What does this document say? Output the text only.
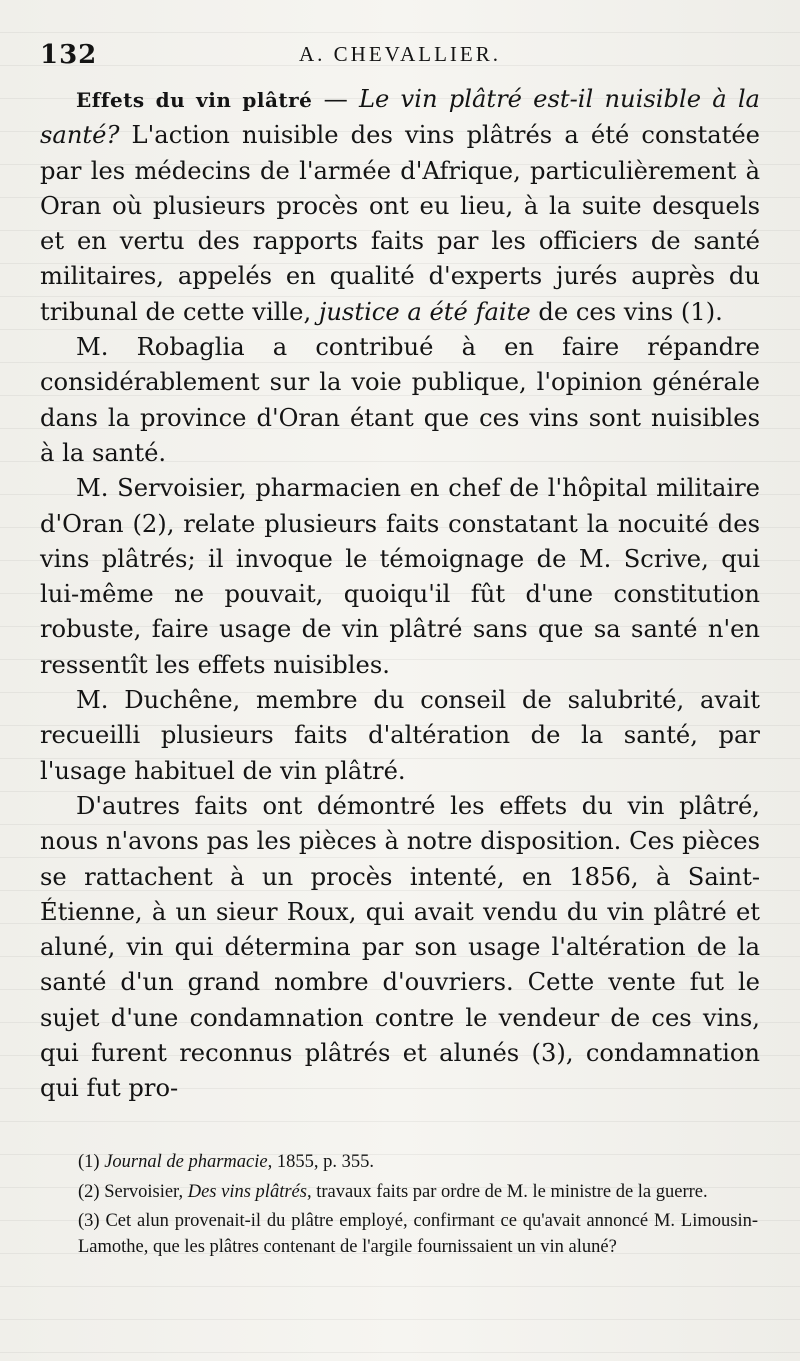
132	A. CHEVALLIER.

Effets du vin plâtré — Le vin plâtré est-il nuisible à la santé? L'action nuisible des vins plâtrés a été constatée par les médecins de l'armée d'Afrique, particulièrement à Oran où plusieurs procès ont eu lieu, à la suite desquels et en vertu des rapports faits par les officiers de santé militaires, appelés en qualité d'experts jurés auprès du tribunal de cette ville, justice a été faite de ces vins (1).

M. Robaglia a contribué à en faire répandre considérablement sur la voie publique, l'opinion générale dans la province d'Oran étant que ces vins sont nuisibles à la santé.

M. Servoisier, pharmacien en chef de l'hôpital militaire d'Oran (2), relate plusieurs faits constatant la nocuité des vins plâtrés; il invoque le témoignage de M. Scrive, qui lui-même ne pouvait, quoiqu'il fût d'une constitution robuste, faire usage de vin plâtré sans que sa santé n'en ressentît les effets nuisibles.

M. Duchêne, membre du conseil de salubrité, avait recueilli plusieurs faits d'altération de la santé, par l'usage habituel de vin plâtré.

D'autres faits ont démontré les effets du vin plâtré, nous n'avons pas les pièces à notre disposition. Ces pièces se rattachent à un procès intenté, en 1856, à Saint-Étienne, à un sieur Roux, qui avait vendu du vin plâtré et aluné, vin qui détermina par son usage l'altération de la santé d'un grand nombre d'ouvriers. Cette vente fut le sujet d'une condamnation contre le vendeur de ces vins, qui furent reconnus plâtrés et alunés (3), condamnation qui fut pro-

(1) Journal de pharmacie, 1855, p. 355.

(2) Servoisier, Des vins plâtrés, travaux faits par ordre de M. le ministre de la guerre.

(3) Cet alun provenait-il du plâtre employé, confirmant ce qu'avait annoncé M. Limousin-Lamothe, que les plâtres contenant de l'argile fournissaient un vin aluné?
